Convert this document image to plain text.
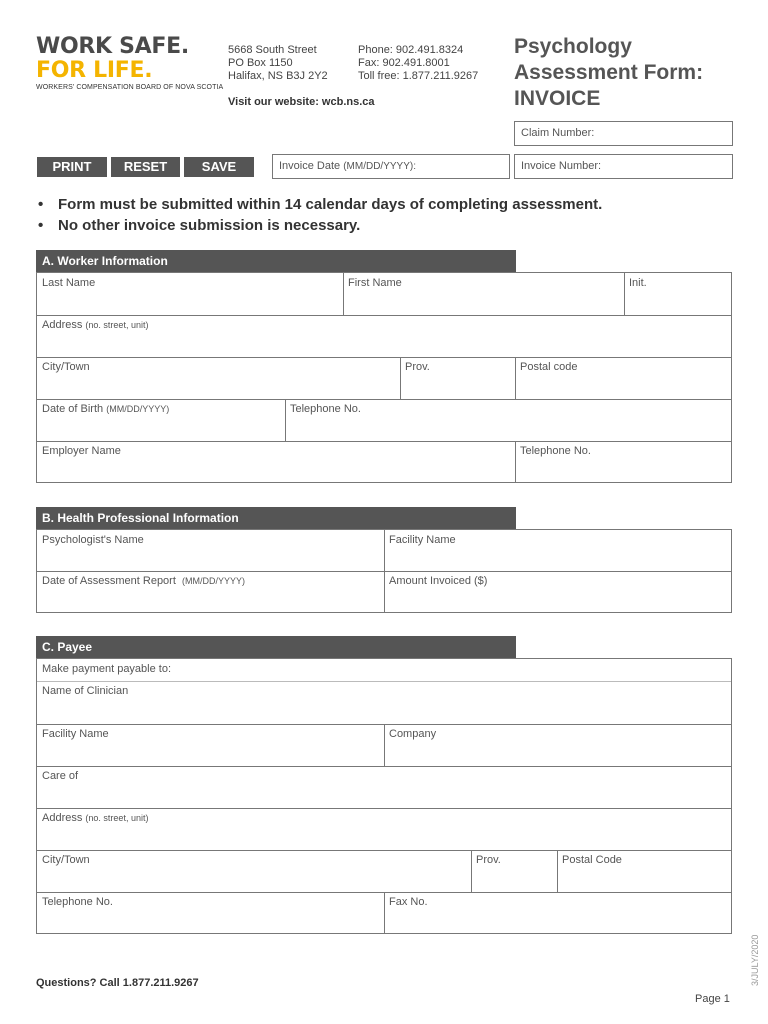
WORK SAFE.
FOR LIFE.
WORKERS' COMPENSATION BOARD OF NOVA SCOTIA
5668 South Street
PO Box 1150
Halifax, NS B3J 2Y2
Phone: 902.491.8324
Fax: 902.491.8001
Toll free: 1.877.211.9267
Visit our website: wcb.ns.ca
Psychology
Assessment Form:
INVOICE
Claim Number:
Invoice Date (MM/DD/YYYY):	Invoice Number:
PRINT	RESET	SAVE
• Form must be submitted within 14 calendar days of completing assessment.
• No other invoice submission is necessary.
A. Worker Information
Last Name	First Name	Init.
Address (no. street, unit)
City/Town	Prov.	Postal code
Date of Birth (MM/DD/YYYY)	Telephone No.
Employer Name	Telephone No.
B. Health Professional Information
Psychologist's Name	Facility Name
Date of Assessment Report (MM/DD/YYYY)	Amount Invoiced ($)
C. Payee
Make payment payable to:
Name of Clinician
Facility Name	Company
Care of
Address (no. street, unit)
City/Town	Prov.	Postal Code
Telephone No.	Fax No.
Questions? Call 1.877.211.9267
Page 1
3/JULY/2020
